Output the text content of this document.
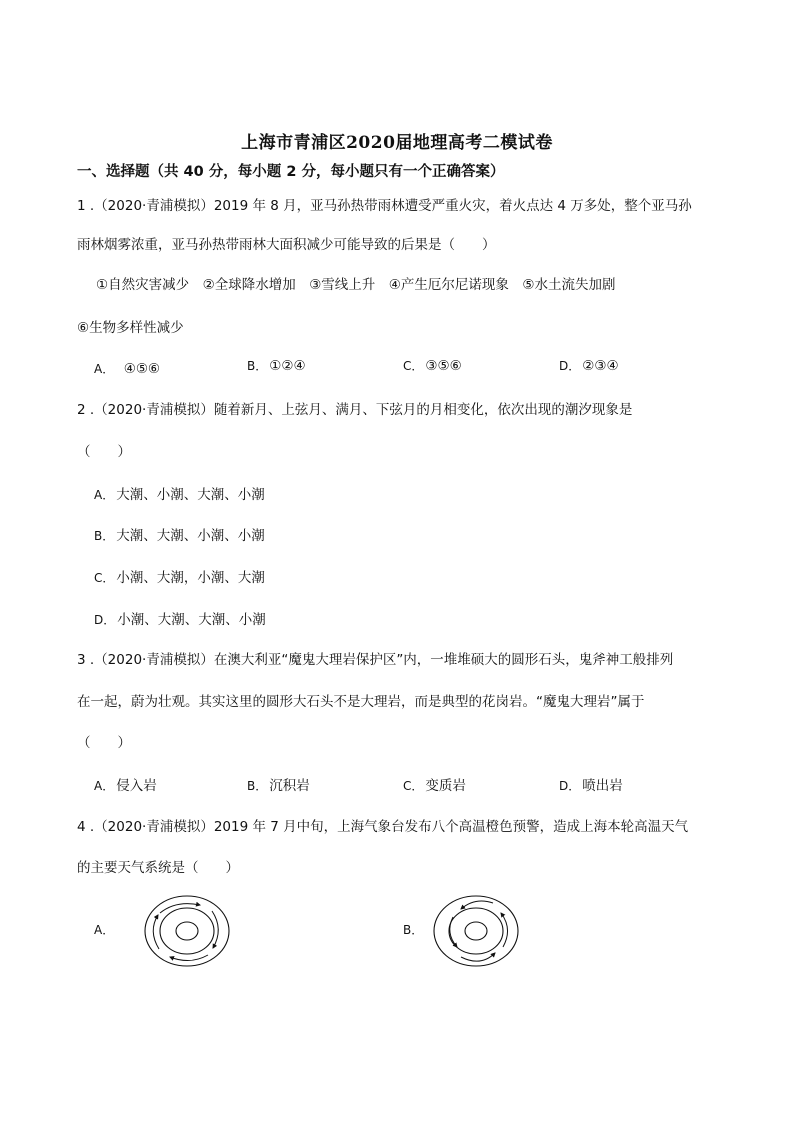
上海市青浦区2020届地理高考二模试卷
一、选择题（共 40 分，每小题 2 分，每小题只有一个正确答案）
1 .（2020·青浦模拟）2019 年 8 月，亚马孙热带雨林遭受严重火灾，着火点达 4 万多处，整个亚马孙
雨林烟雾浓重，亚马孙热带雨林大面积减少可能导致的后果是（　　）
①自然灾害减少　②全球降水增加　③雪线上升　④产生厄尔尼诺现象　⑤水土流失加剧
⑥生物多样性减少
A．　④⑤⑥	B． ①②④	C． ③⑤⑥	D． ②③④
2 .（2020·青浦模拟）随着新月、上弦月、满月、下弦月的月相变化，依次出现的潮汐现象是
（　　）
A． 大潮、小潮、大潮、小潮
B． 大潮、大潮、小潮、小潮
C． 小潮、大潮，小潮、大潮
D． 小潮、大潮、大潮、小潮
3 .（2020·青浦模拟）在澳大利亚“魔鬼大理岩保护区”内，一堆堆硕大的圆形石头，鬼斧神工般排列
在一起，蔚为壮观。其实这里的圆形大石头不是大理岩，而是典型的花岗岩。“魔鬼大理岩”属于
（　　）
A． 侵入岩	B． 沉积岩	C． 变质岩	D． 喷出岩
4 .（2020·青浦模拟）2019 年 7 月中旬，上海气象台发布八个高温橙色预警，造成上海本轮高温天气
的主要天气系统是（　　）
A．	B．
